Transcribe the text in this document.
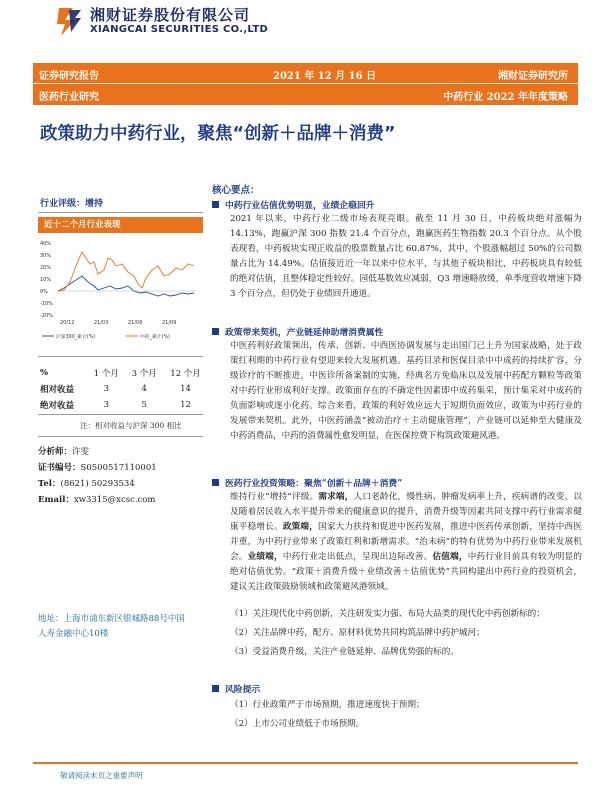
湘财证券股份有限公司
XIANGCAI SECURITIES CO.,LTD
证券研究报告	2021 年 12 月 16 日	湘财证券研究所
医药行业研究	中药行业 2022 年年度策略
政策助力中药行业，聚焦“创新＋品牌＋消费”
行业评级：增持
近十二个月行业表现
40%
30%
20%
10%
0%
-10%
-20%
20/12	21/03	21/06	21/09
沪深300_累计(%)	中药_累计(%)
%	1 个月	3 个月	12 个月
相对收益	3	4	14
绝对收益	3	5	12
注：相对收益与沪深 300 相比
分析师：许雯
证书编号：S0500517110001
Tel：(8621) 50293534
Email：xw3315@xcsc.com
地址：上海市浦东新区银城路88号中国人寿金融中心10楼
核心要点：
中药行业估值优势明显，业绩企稳回升
2021 年以来，中药行业二级市场表现亮眼。截至 11 月 30 日，中药板块绝对涨幅为 14.13%，跑赢沪深 300 指数 21.4 个百分点，跑赢医药生物指数 20.3 个百分点。从个股表现看，中药板块实现正收益的股票数量占比 60.87%，其中，个股涨幅超过 50%的公司数量占比为 14.49%。估值接近近一年以来中位水平，与其他子板块相比，中药板块具有较低的绝对估值，且整体稳定性较好。园低基数效应减弱，Q3 增速略放缓，单季度营收增速下降 3 个百分点，但仍处于业绩回升通道。
政策带来契机，产业链延伸助增消费属性
中医药利好政策频出，传承、创新、中西医协调发展与走出国门已上升为国家战略，处于政策红利期的中药行业有望迎来较大发展机遇。基药目录和医保目录中中成药的持续扩容，分级诊疗的不断推进，中医诊所备案制的实施，经典名方免临床以及发展中药配方颗粒等政策对中药行业形成利好支撑。政策面存在的不确定性因素即中成药集采，预计集采对中成药的负面影响或逐小化药。综合来看，政策的利好效应远大于短期负面效应，政策为中药行业的发展带来契机。此外，中医药涵盖“被动治疗＋主动健康管理”，产业链可以延伸至大健康及中药消费品，中药的消费属性愈发明显，在医保控费下构筑政策避风港。
医药行业投资策略：聚焦“创新＋品牌＋消费”
维持行业“增持”评级。需求端，人口老龄化，慢性病、肿瘤发病率上升，疾病谱的改变，以及随着居民收入水平提升带来的健康意识的提升，消费升级等因素共同支撑中药行业需求健康平稳增长。政策端，国家大力扶持和促进中医药发展，推进中医药传承创新，坚持中西医并重，为中药行业带来了政策红利和新增需求。“治未病”的特有优势为中药行业带来发展机会。业绩端，中药行业走出低点，呈现出边际改善。估值端，中药行业目前具有较为明显的绝对估值优势。“政策＋消费升级＋业绩改善＋估值优势”共同构建出中药行业的投资机会，建议关注政策鼓励领域和政策避风港领域。
（1）关注现代化中药创新，关注研发实力强、布局大品类的现代化中药创新标的；
（2）关注品牌中药，配方、原材料优势共同构筑品牌中药护城河；
（3）受益消费升级，关注产业链延伸、品牌优势强的标的。
风险提示
（1）行业政策严于市场预期，推进速度快于预期；
（2）上市公司业绩低于市场预期。
敬请阅读末页之重要声明
